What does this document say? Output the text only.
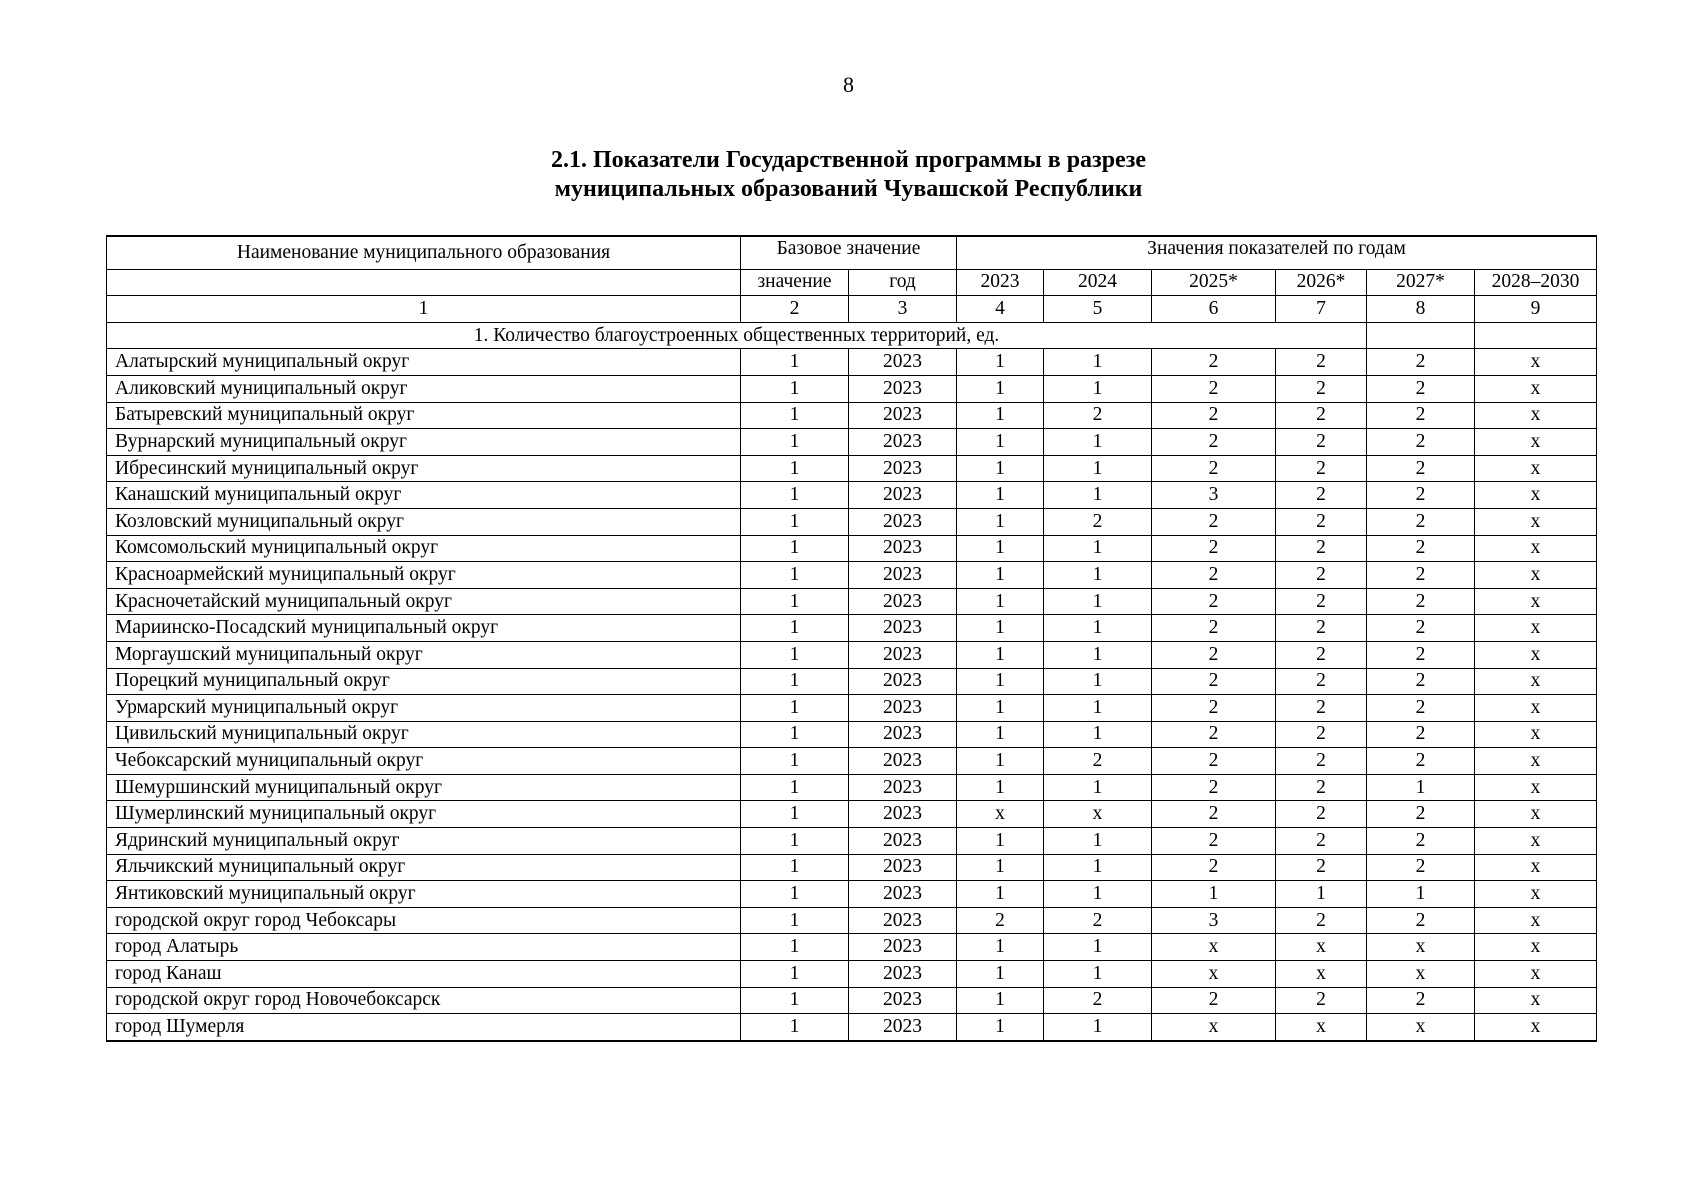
8
2.1. Показатели Государственной программы в разрезе
муниципальных образований Чувашской Республики
Наименование муниципального образования	Базовое значение		Значения показателей по годам					
	значение	год	2023	2024	2025*	2026*	2027*	2028–2030
1	2	3	4	5	6	7	8	9
1. Количество благоустроенных общественных территорий, ед.								
Алатырский муниципальный округ	1	2023	1	1	2	2	2	х
Аликовский муниципальный округ	1	2023	1	1	2	2	2	х
Батыревский муниципальный округ	1	2023	1	2	2	2	2	х
Вурнарский муниципальный округ	1	2023	1	1	2	2	2	х
Ибресинский муниципальный округ	1	2023	1	1	2	2	2	х
Канашский муниципальный округ	1	2023	1	1	3	2	2	х
Козловский муниципальный округ	1	2023	1	2	2	2	2	х
Комсомольский муниципальный округ	1	2023	1	1	2	2	2	х
Красноармейский муниципальный округ	1	2023	1	1	2	2	2	х
Красночетайский муниципальный округ	1	2023	1	1	2	2	2	х
Мариинско-Посадский муниципальный округ	1	2023	1	1	2	2	2	х
Моргаушский муниципальный округ	1	2023	1	1	2	2	2	х
Порецкий муниципальный округ	1	2023	1	1	2	2	2	х
Урмарский муниципальный округ	1	2023	1	1	2	2	2	х
Цивильский муниципальный округ	1	2023	1	1	2	2	2	х
Чебоксарский муниципальный округ	1	2023	1	2	2	2	2	х
Шемуршинский муниципальный округ	1	2023	1	1	2	2	1	х
Шумерлинский муниципальный округ	1	2023	х	х	2	2	2	х
Ядринский муниципальный округ	1	2023	1	1	2	2	2	х
Яльчикский муниципальный округ	1	2023	1	1	2	2	2	х
Янтиковский муниципальный округ	1	2023	1	1	1	1	1	х
городской округ город Чебоксары	1	2023	2	2	3	2	2	х
город Алатырь	1	2023	1	1	х	х	х	х
город Канаш	1	2023	1	1	х	х	х	х
городской округ город Новочебоксарск	1	2023	1	2	2	2	2	х
город Шумерля	1	2023	1	1	х	х	х	х
